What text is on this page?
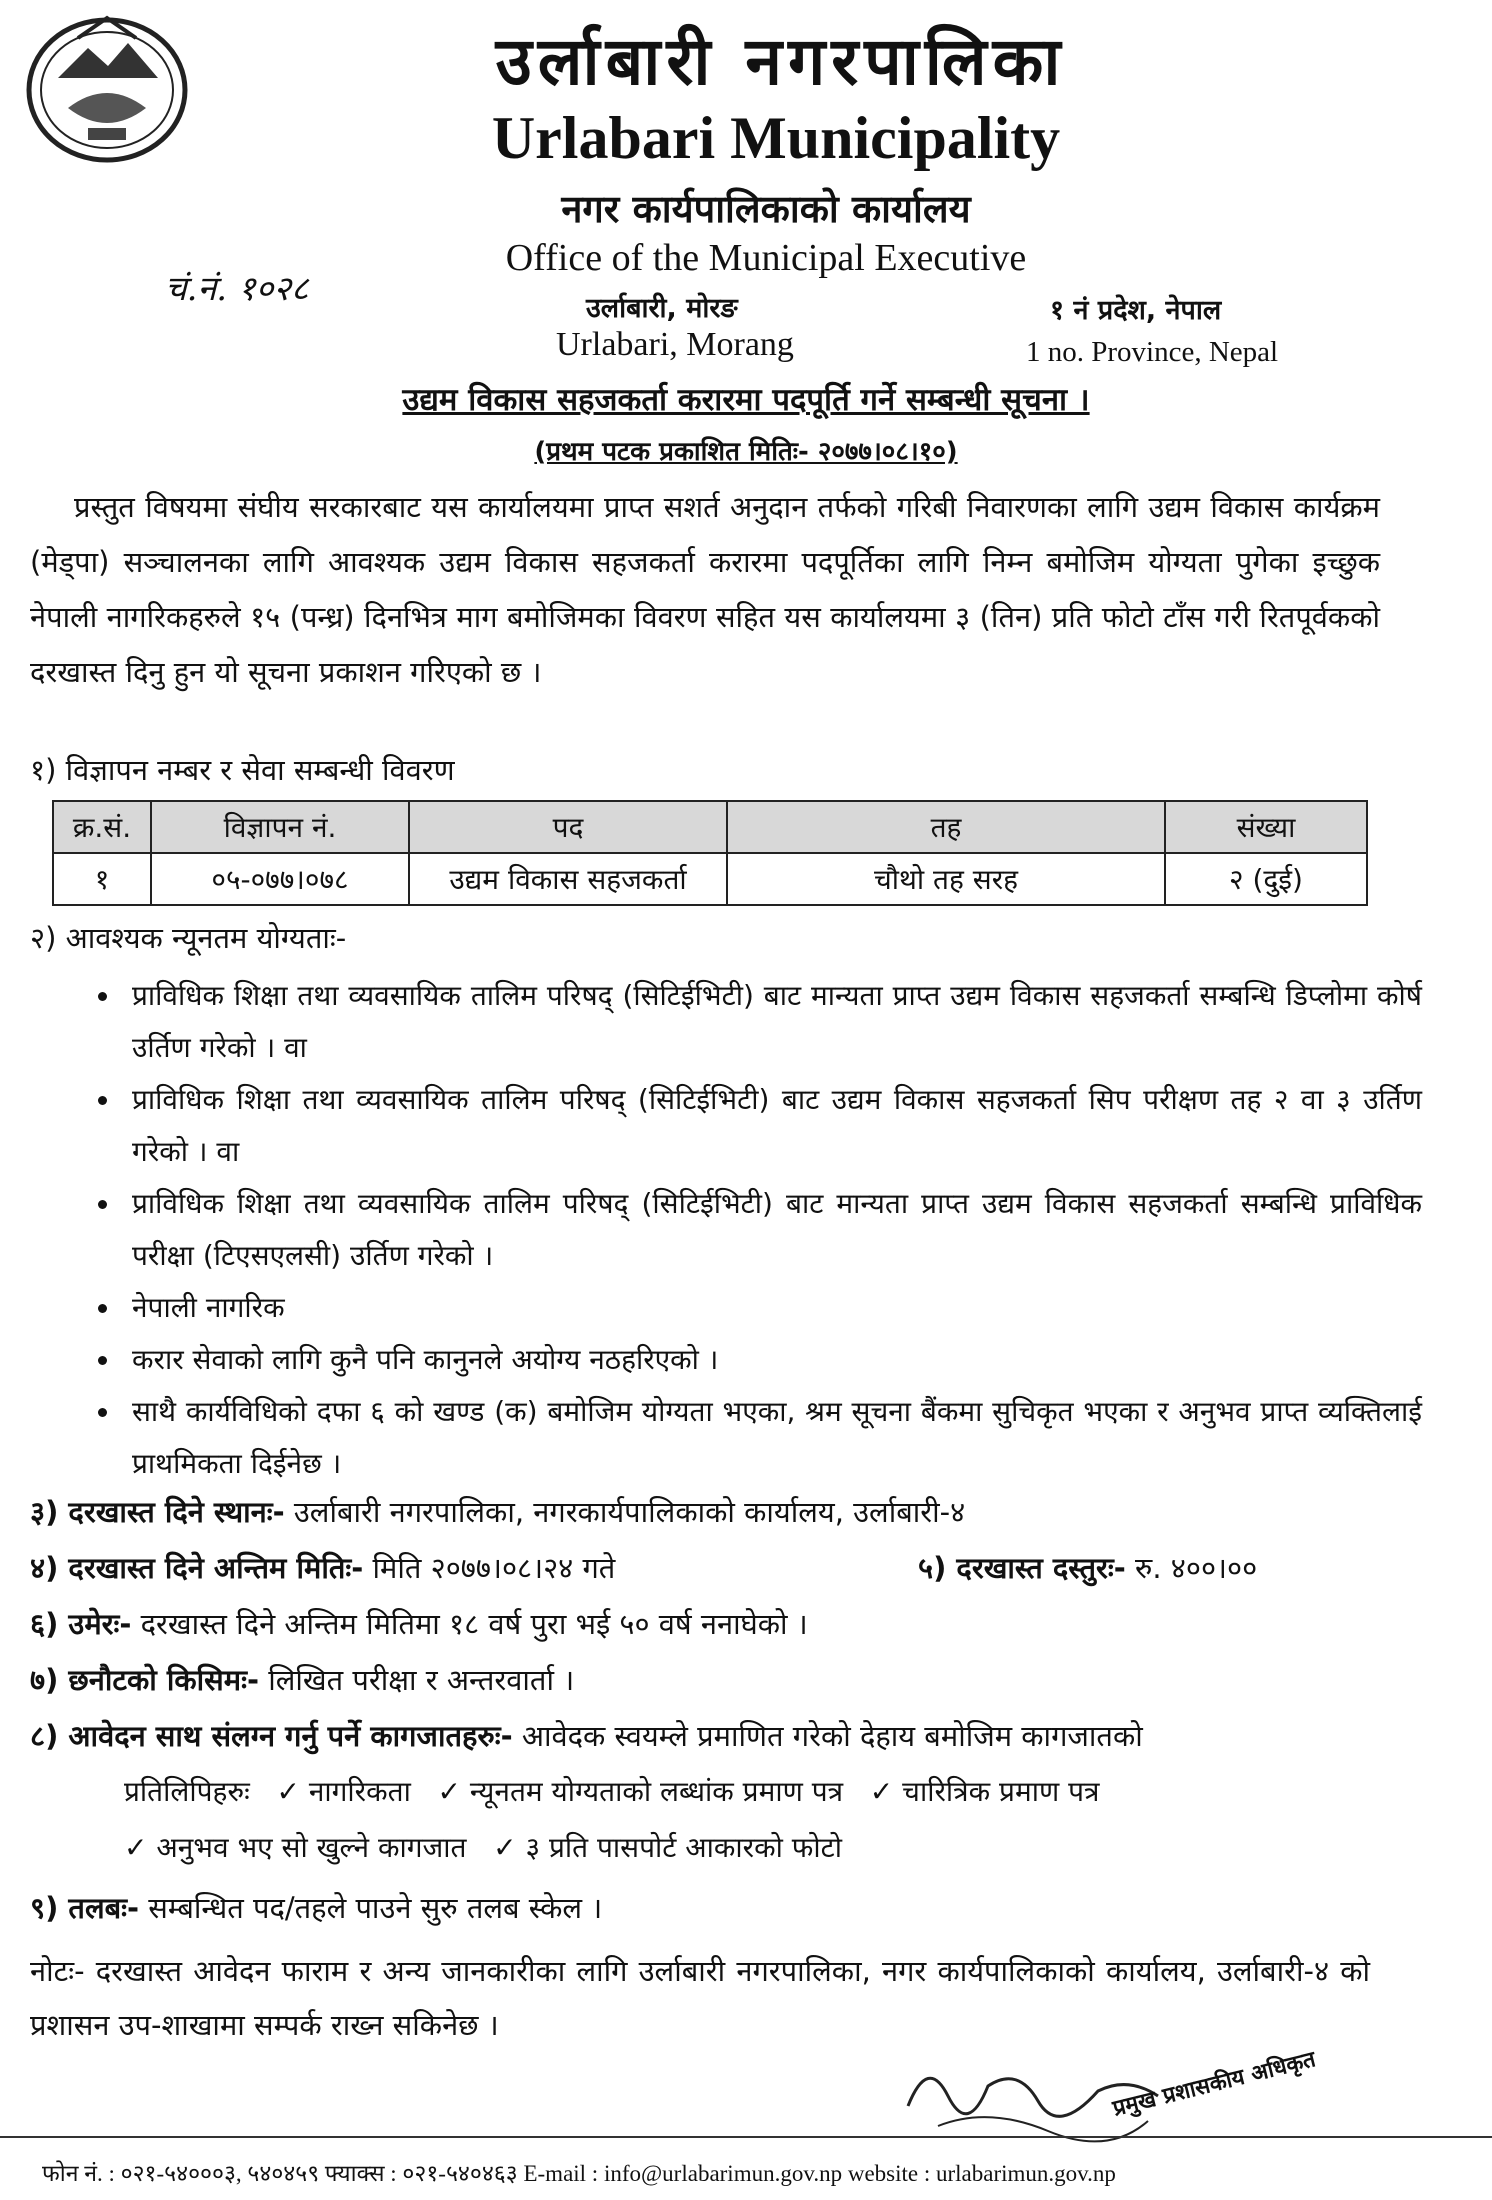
उर्लाबारी नगरपालिका
Urlabari Municipality
नगर कार्यपालिकाको कार्यालय
Office of the Municipal Executive
चं.नं. १०२८	उर्लाबारी, मोरङ
Urlabari, Morang
१ नं प्रदेश, नेपाल
1 no. Province, Nepal
उद्यम विकास सहजकर्ता करारमा पदपूर्ति गर्ने सम्बन्धी सूचना ।
(प्रथम पटक प्रकाशित मितिः- २०७७।०८।१०)
प्रस्तुत विषयमा संघीय सरकारबाट यस कार्यालयमा प्राप्त सशर्त अनुदान तर्फको गरिबी निवारणका लागि उद्यम विकास कार्यक्रम (मेड्पा) सञ्चालनका लागि आवश्यक उद्यम विकास सहजकर्ता करारमा पदपूर्तिका लागि निम्न बमोजिम योग्यता पुगेका इच्छुक नेपाली नागरिकहरुले १५ (पन्ध्र) दिनभित्र माग बमोजिमका विवरण सहित यस कार्यालयमा ३ (तिन) प्रति फोटो टाँस गरी रितपूर्वकको दरखास्त दिनु हुन यो सूचना प्रकाशन गरिएको छ ।
१) विज्ञापन नम्बर र सेवा सम्बन्धी विवरण
क्र.सं.	विज्ञापन नं.	पद	तह	संख्या
१	०५-०७७।०७८	उद्यम विकास सहजकर्ता	चौथो तह सरह	२ (दुई)
२) आवश्यक न्यूनतम योग्यताः-
• प्राविधिक शिक्षा तथा व्यवसायिक तालिम परिषद् (सिटिईभिटी) बाट मान्यता प्राप्त उद्यम विकास सहजकर्ता सम्बन्धि डिप्लोमा कोर्ष उर्तिण गरेको । वा
• प्राविधिक शिक्षा तथा व्यवसायिक तालिम परिषद् (सिटिईभिटी) बाट उद्यम विकास सहजकर्ता सिप परीक्षण तह २ वा ३ उर्तिण गरेको । वा
• प्राविधिक शिक्षा तथा व्यवसायिक तालिम परिषद् (सिटिईभिटी) बाट मान्यता प्राप्त उद्यम विकास सहजकर्ता सम्बन्धि प्राविधिक परीक्षा (टिएसएलसी) उर्तिण गरेको ।
• नेपाली नागरिक
• करार सेवाको लागि कुनै पनि कानुनले अयोग्य नठहरिएको ।
• साथै कार्यविधिको दफा ६ को खण्ड (क) बमोजिम योग्यता भएका, श्रम सूचना बैंकमा सुचिकृत भएका र अनुभव प्राप्त व्यक्तिलाई प्राथमिकता दिईनेछ ।
३) दरखास्त दिने स्थानः- उर्लाबारी नगरपालिका, नगरकार्यपालिकाको कार्यालय, उर्लाबारी-४
४) दरखास्त दिने अन्तिम मितिः- मिति २०७७।०८।२४ गते	५) दरखास्त दस्तुरः- रु. ४००।००
६) उमेरः- दरखास्त दिने अन्तिम मितिमा १८ वर्ष पुरा भई ५० वर्ष ननाघेको ।
७) छनौटको किसिमः- लिखित परीक्षा र अन्तरवार्ता ।
८) आवेदन साथ संलग्न गर्नु पर्ने कागजातहरुः- आवेदक स्वयम्ले प्रमाणित गरेको देहाय बमोजिम कागजातको
प्रतिलिपिहरुः   ✓ नागरिकता   ✓ न्यूनतम योग्यताको लब्धांक प्रमाण पत्र   ✓ चारित्रिक प्रमाण पत्र
✓ अनुभव भए सो खुल्ने कागजात   ✓ ३ प्रति पासपोर्ट आकारको फोटो
९) तलबः- सम्बन्धित पद/तहले पाउने सुरु तलब स्केल ।
नोटः- दरखास्त आवेदन फाराम र अन्य जानकारीका लागि उर्लाबारी नगरपालिका, नगर कार्यपालिकाको कार्यालय, उर्लाबारी-४ को प्रशासन उप-शाखामा सम्पर्क राख्न सकिनेछ ।
प्रमुख प्रशासकीय अधिकृत
फोन नं. : ०२१-५४०००३, ५४०४५९ फ्याक्स : ०२१-५४०४६३ E-mail : info@urlabarimun.gov.np website : urlabarimun.gov.np
